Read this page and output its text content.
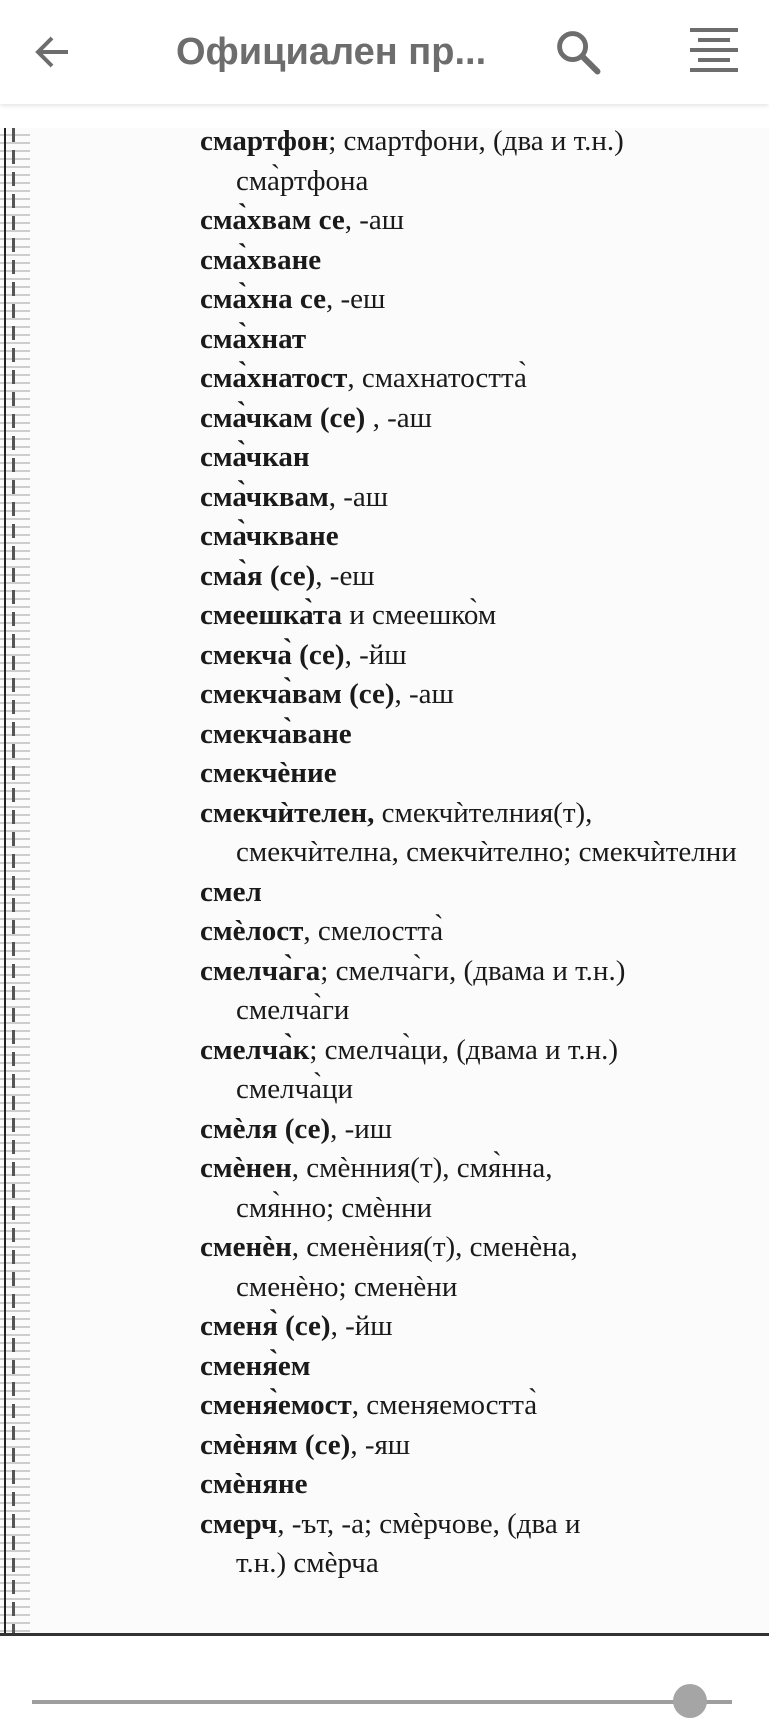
Официален пр...
смартфон; смартфони, (два и т.н.)
сма̀ртфона
сма̀хвам се, -аш
сма̀хване
сма̀хна се, -еш
сма̀хнат
сма̀хнатост, смахнатостта̀
сма̀чкам (се) , -аш
сма̀чкан
сма̀чквам, -аш
сма̀чкване
сма̀я (се), -еш
смеешка̀та и смеешко̀м
смекча̀ (се), -йш
смекча̀вам (се), -аш
смекча̀ване
смекчѐние
смекчѝтелен, смекчѝтелния(т),
смекчѝтелна, смекчѝтелно; смекчѝтелни
смел
смѐлост, смелостта̀
смелча̀га; смелча̀ги, (двама и т.н.)
смелча̀ги
смелча̀к; смелча̀ци, (двама и т.н.)
смелча̀ци
смѐля (се), -иш
смѐнен, смѐнния(т), смя̀нна,
смя̀нно; смѐнни
сменѐн, сменѐния(т), сменѐна,
сменѐно; сменѐни
сменя̀ (се), -йш
сменя̀ем
сменя̀емост, сменяемостта̀
смѐням (се), -яш
смѐняне
смерч, -ът, -а; смѐрчове, (два и
т.н.) смѐрча
